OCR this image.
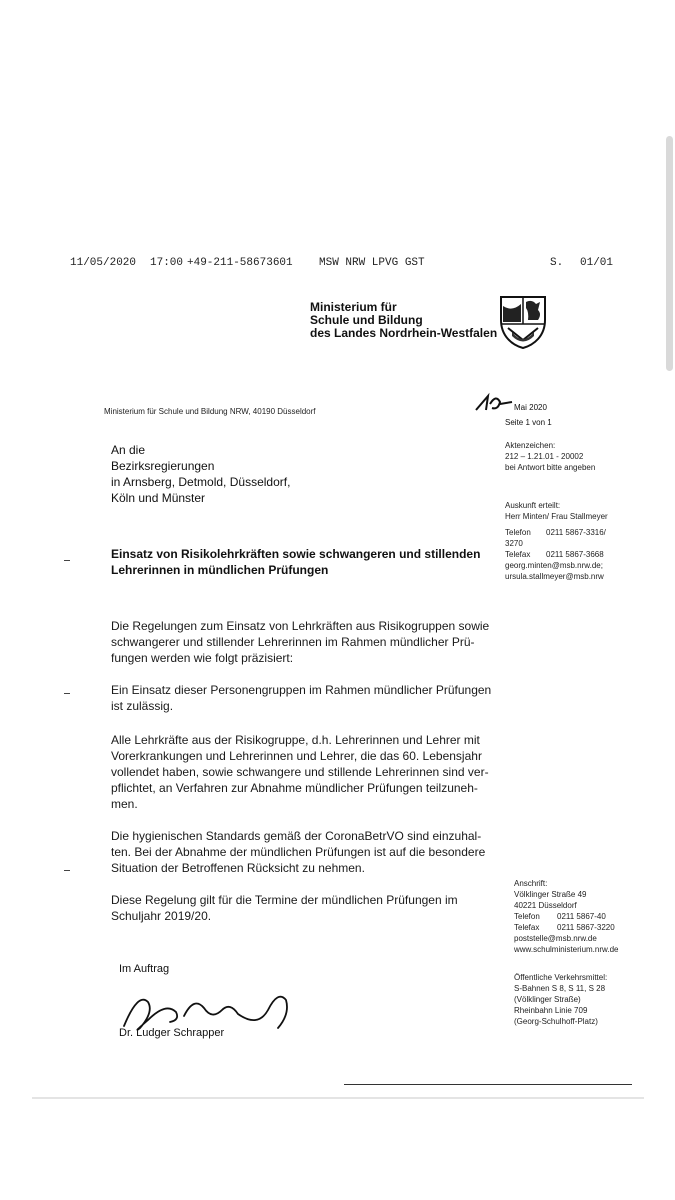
11/05/2020 17:00 +49-211-58673601 MSW NRW LPVG GST	S. 01/01
Ministerium für
Schule und Bildung
des Landes Nordrhein-Westfalen
Ministerium für Schule und Bildung NRW, 40190 Düsseldorf	Mai 2020
Seite 1 von 1
An die
Bezirksregierungen
in Arnsberg, Detmold, Düsseldorf,
Köln und Münster
Aktenzeichen:
212 – 1.21.01 - 20002
bei Antwort bitte angeben
Auskunft erteilt:
Herr Minten/ Frau Stallmeyer
Telefon 0211 5867-3316/
3270
Telefax 0211 5867-3668
georg.minten@msb.nrw.de;
ursula.stallmeyer@msb.nrw
Einsatz von Risikolehrkräften sowie schwangeren und stillenden
Lehrerinnen in mündlichen Prüfungen
Die Regelungen zum Einsatz von Lehrkräften aus Risikogruppen sowie
schwangerer und stillender Lehrerinnen im Rahmen mündlicher Prü-
fungen werden wie folgt präzisiert:
Ein Einsatz dieser Personengruppen im Rahmen mündlicher Prüfungen
ist zulässig.
Alle Lehrkräfte aus der Risikogruppe, d.h. Lehrerinnen und Lehrer mit
Vorerkrankungen und Lehrerinnen und Lehrer, die das 60. Lebensjahr
vollendet haben, sowie schwangere und stillende Lehrerinnen sind ver-
pflichtet, an Verfahren zur Abnahme mündlicher Prüfungen teilzuneh-
men.
Die hygienischen Standards gemäß der CoronaBetrVO sind einzuhal-
ten. Bei der Abnahme der mündlichen Prüfungen ist auf die besondere
Situation der Betroffenen Rücksicht zu nehmen.
Diese Regelung gilt für die Termine der mündlichen Prüfungen im
Schuljahr 2019/20.
Im Auftrag
Dr. Ludger Schrapper
Anschrift:
Völklinger Straße 49
40221 Düsseldorf
Telefon 0211 5867-40
Telefax 0211 5867-3220
poststelle@msb.nrw.de
www.schulministerium.nrw.de
Öffentliche Verkehrsmittel:
S-Bahnen S 8, S 11, S 28
(Völklinger Straße)
Rheinbahn Linie 709
(Georg-Schulhoff-Platz)
